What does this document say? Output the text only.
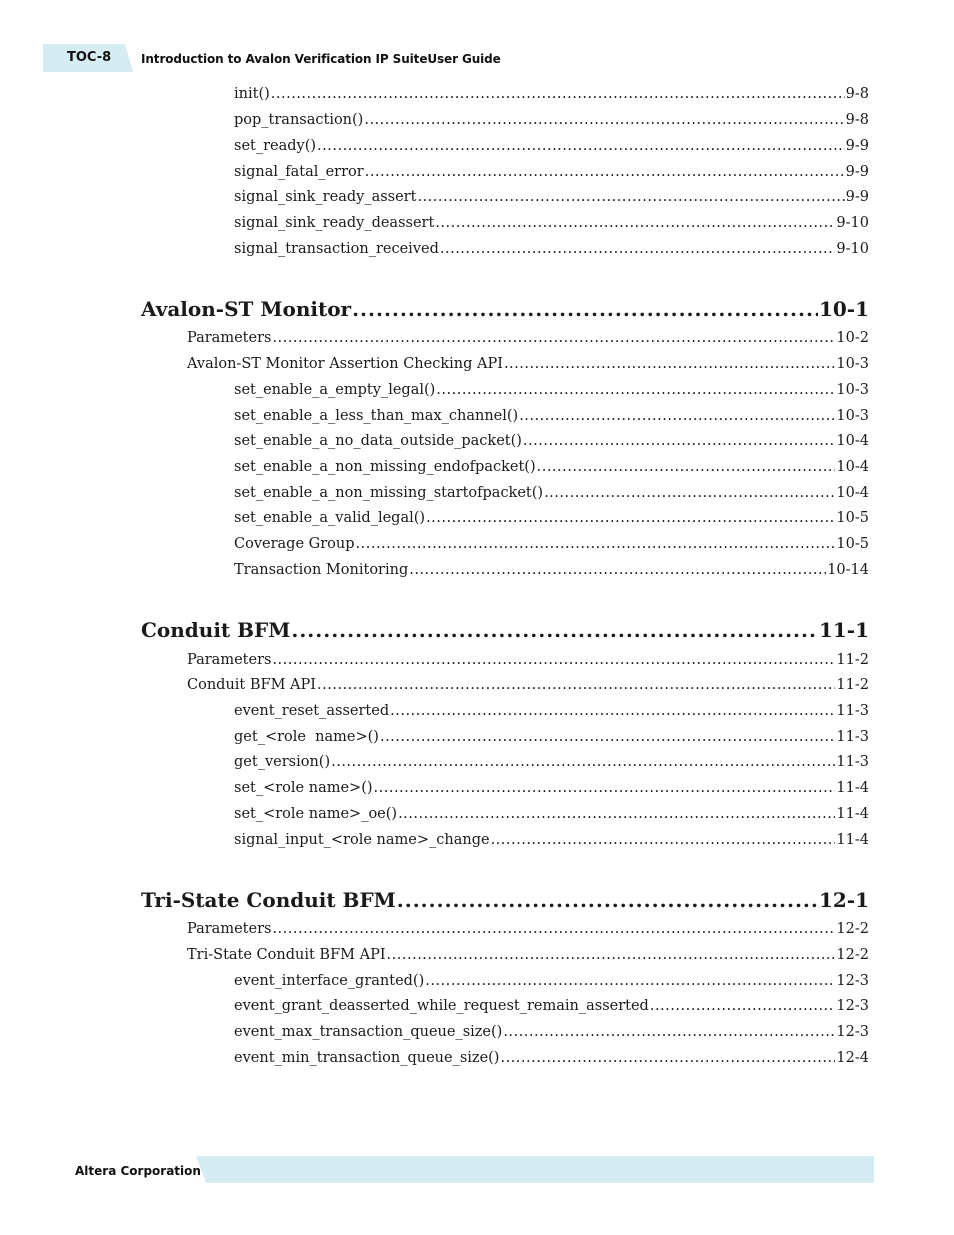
TOC-8 Introduction to Avalon Verification IP SuiteUser Guide
init() .....	9-8
pop_transaction() .....	9-8
set_ready() .....	9-9
signal_fatal_error .....	9-9
signal_sink_ready_assert .....	9-9
signal_sink_ready_deassert .....	9-10
signal_transaction_received .....	9-10
Avalon-ST Monitor .....	10-1
Parameters .....	10-2
Avalon-ST Monitor Assertion Checking API .....	10-3
set_enable_a_empty_legal() .....	10-3
set_enable_a_less_than_max_channel() .....	10-3
set_enable_a_no_data_outside_packet() .....	10-4
set_enable_a_non_missing_endofpacket() .....	10-4
set_enable_a_non_missing_startofpacket() .....	10-4
set_enable_a_valid_legal() .....	10-5
Coverage Group .....	10-5
Transaction Monitoring .....	10-14
Conduit BFM .....	11-1
Parameters .....	11-2
Conduit BFM API .....	11-2
event_reset_asserted .....	11-3
get_<role  name>() .....	11-3
get_version() .....	11-3
set_<role name>() .....	11-4
set_<role name>_oe() .....	11-4
signal_input_<role name>_change .....	11-4
Tri-State Conduit BFM .....	12-1
Parameters .....	12-2
Tri-State Conduit BFM API .....	12-2
event_interface_granted() .....	12-3
event_grant_deasserted_while_request_remain_asserted .....	12-3
event_max_transaction_queue_size() .....	12-3
event_min_transaction_queue_size() .....	12-4
Altera Corporation
